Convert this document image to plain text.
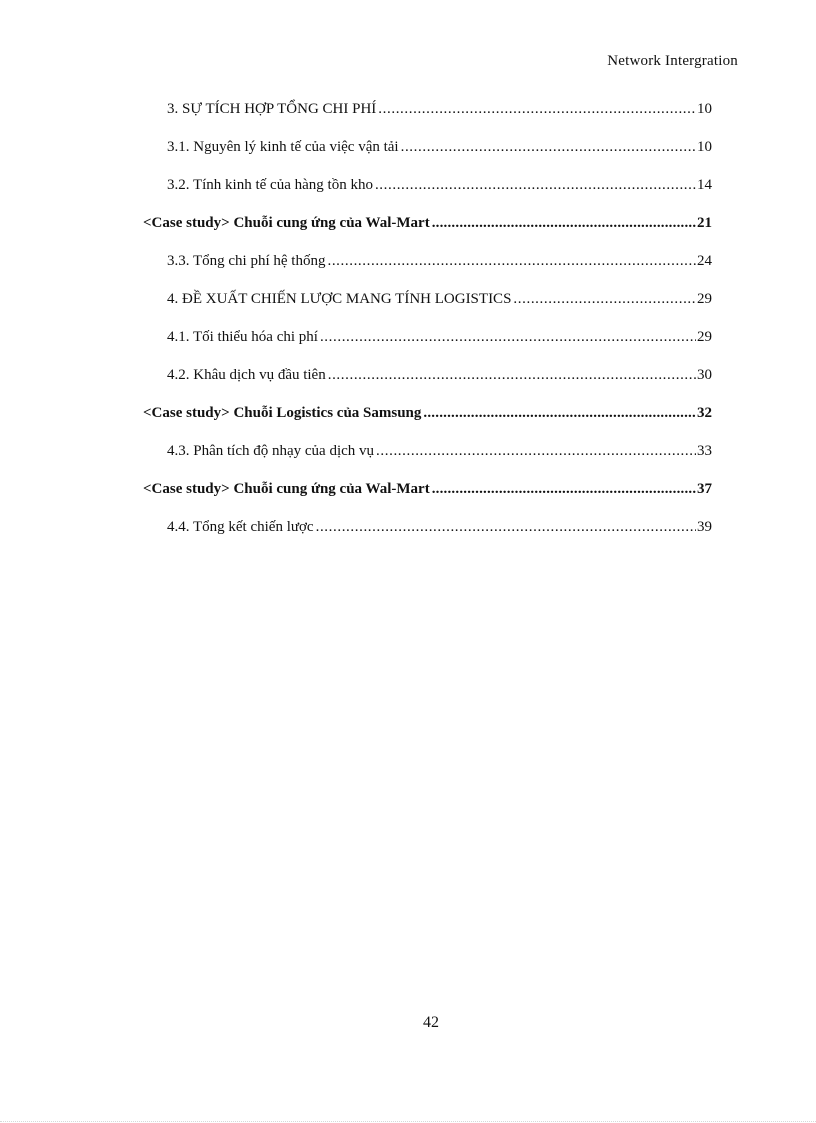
Network Intergration
3. SỰ TÍCH HỢP TỔNG CHI PHÍ .....	10
3.1. Nguyên lý kinh tế của việc vận tải .....	10
3.2. Tính kinh tế của hàng tồn kho .....	14
<Case study> Chuỗi cung ứng của Wal-Mart .....	21
3.3. Tổng chi phí hệ thống .....	24
4. ĐỀ XUẤT CHIẾN LƯỢC MANG TÍNH LOGISTICS .....	29
4.1. Tối thiểu hóa chi phí .....	29
4.2. Khâu dịch vụ đầu tiên .....	30
<Case study> Chuỗi Logistics của Samsung .....	32
4.3. Phân tích độ nhạy của dịch vụ .....	33
<Case study> Chuỗi cung ứng của Wal-Mart .....	37
4.4. Tổng kết chiến lược .....	39
42
